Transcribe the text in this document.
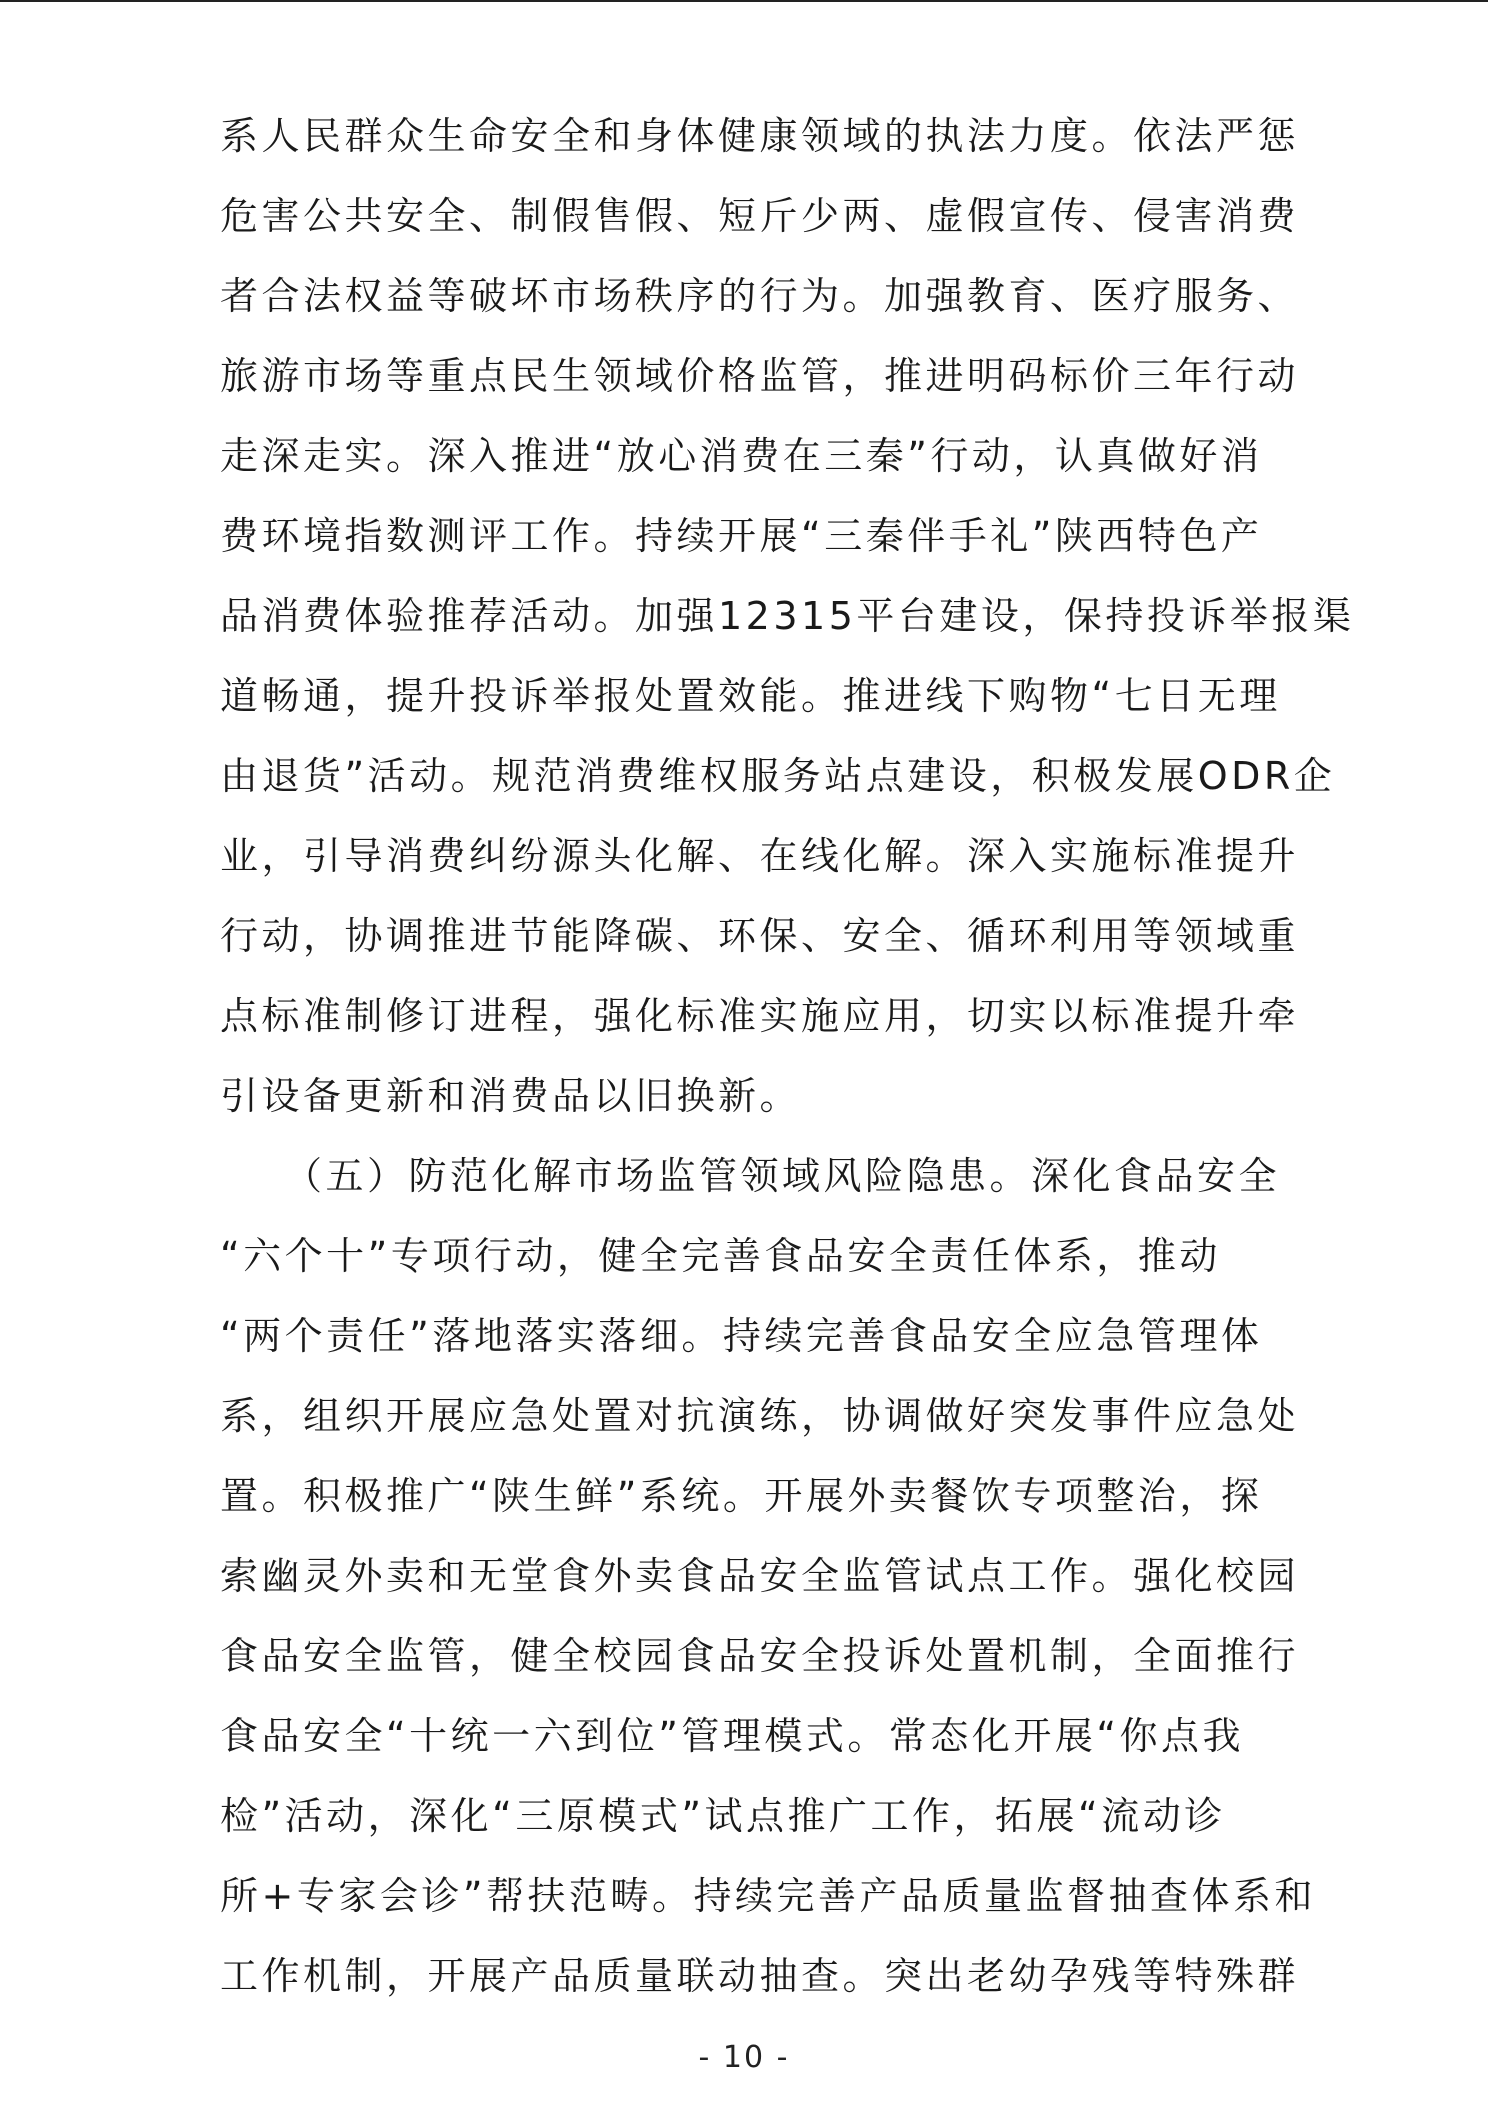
系人民群众生命安全和身体健康领域的执法力度。依法严惩
危害公共安全、制假售假、短斤少两、虚假宣传、侵害消费
者合法权益等破坏市场秩序的行为。加强教育、医疗服务、
旅游市场等重点民生领域价格监管，推进明码标价三年行动
走深走实。深入推进“放心消费在三秦”行动，认真做好消
费环境指数测评工作。持续开展“三秦伴手礼”陕西特色产
品消费体验推荐活动。加强12315平台建设，保持投诉举报渠
道畅通，提升投诉举报处置效能。推进线下购物“七日无理
由退货”活动。规范消费维权服务站点建设，积极发展ODR企
业，引导消费纠纷源头化解、在线化解。深入实施标准提升
行动，协调推进节能降碳、环保、安全、循环利用等领域重
点标准制修订进程，强化标准实施应用，切实以标准提升牵
引设备更新和消费品以旧换新。
　　（五）防范化解市场监管领域风险隐患。深化食品安全
“六个十”专项行动，健全完善食品安全责任体系，推动
“两个责任”落地落实落细。持续完善食品安全应急管理体
系，组织开展应急处置对抗演练，协调做好突发事件应急处
置。积极推广“陕生鲜”系统。开展外卖餐饮专项整治，探
索幽灵外卖和无堂食外卖食品安全监管试点工作。强化校园
食品安全监管，健全校园食品安全投诉处置机制，全面推行
食品安全“十统一六到位”管理模式。常态化开展“你点我
检”活动，深化“三原模式”试点推广工作，拓展“流动诊
所+专家会诊”帮扶范畴。持续完善产品质量监督抽查体系和
工作机制，开展产品质量联动抽查。突出老幼孕残等特殊群
- 10 -
